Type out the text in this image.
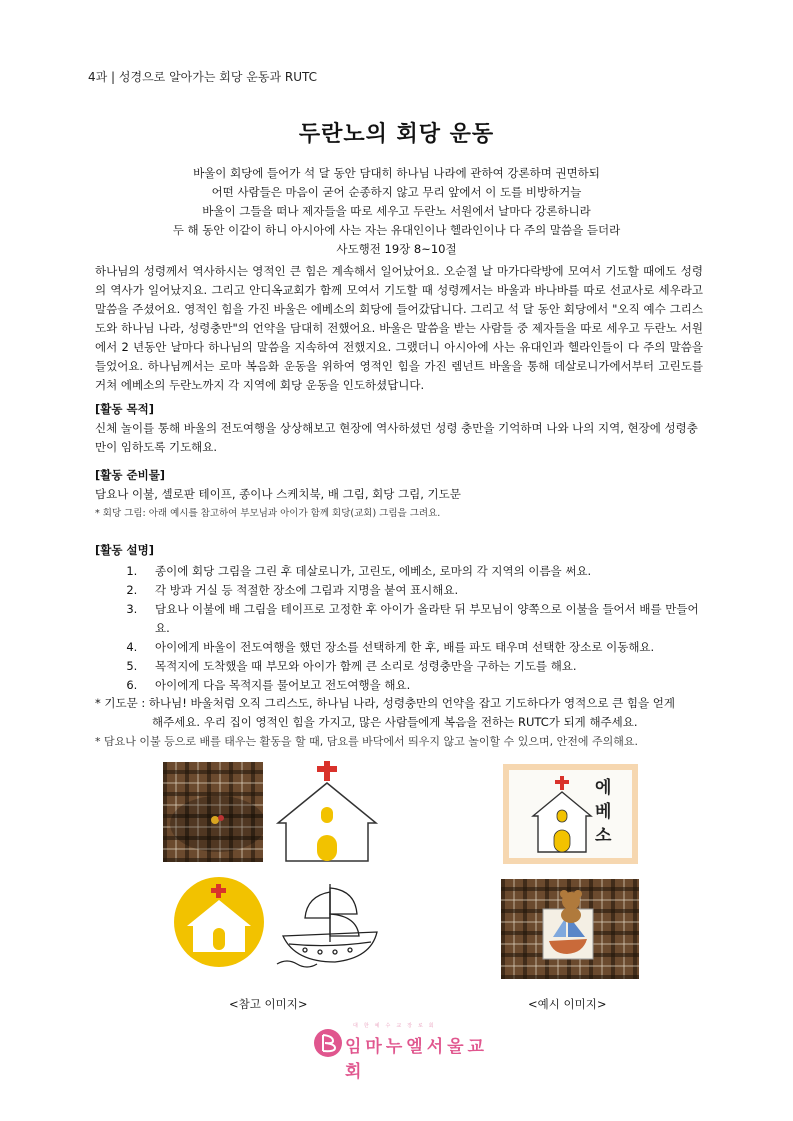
4과 | 성경으로 알아가는 회당 운동과 RUTC
두란노의 회당 운동
바울이 회당에 들어가 석 달 동안 담대히 하나님 나라에 관하여 강론하며 권면하되
어떤 사람들은 마음이 굳어 순종하지 않고 무리 앞에서 이 도를 비방하거늘
바울이 그들을 떠나 제자들을 따로 세우고 두란노 서원에서 날마다 강론하니라
두 해 동안 이같이 하니 아시아에 사는 자는 유대인이나 헬라인이나 다 주의 말씀을 듣더라
사도행전 19장 8~10절
하나님의 성령께서 역사하시는 영적인 큰 힘은 계속해서 일어났어요. 오순절 날 마가다락방에 모여서 기도할 때에도 성령의 역사가 일어났지요. 그리고 안디옥교회가 함께 모여서 기도할 때 성령께서는 바울과 바나바를 따로 선교사로 세우라고 말씀을 주셨어요. 영적인 힘을 가진 바울은 에베소의 회당에 들어갔답니다. 그리고 석 달 동안 회당에서 "오직 예수 그리스도와 하나님 나라, 성령충만"의 언약을 담대히 전했어요. 바울은 말씀을 받는 사람들 중 제자들을 따로 세우고 두란노 서원에서 2 년동안 날마다 하나님의 말씀을 지속하여 전했지요. 그랬더니 아시아에 사는 유대인과 헬라인들이 다 주의 말씀을 들었어요. 하나님께서는 로마 복음화 운동을 위하여 영적인 힘을 가진 렘넌트 바울을 통해 데살로니가에서부터 고린도를 거쳐 에베소의 두란노까지 각 지역에 회당 운동을 인도하셨답니다.
[활동 목적]
신체 놀이를 통해 바울의 전도여행을 상상해보고 현장에 역사하셨던 성령 충만을 기억하며 나와 나의 지역, 현장에 성령충만이 임하도록 기도해요.
[활동 준비물]
담요나 이불, 셀로판 테이프, 종이나 스케치북, 배 그림, 회당 그림, 기도문
* 회당 그림: 아래 예시를 참고하여 부모님과 아이가 함께 회당(교회) 그림을 그려요.
[활동 설명]
1. 종이에 회당 그림을 그린 후 데살로니가, 고린도, 에베소, 로마의 각 지역의 이름을 써요.
2. 각 방과 거실 등 적절한 장소에 그림과 지명을 붙여 표시해요.
3. 담요나 이불에 배 그림을 테이프로 고정한 후 아이가 올라탄 뒤 부모님이 양쪽으로 이불을 들어서 배를 만들어요.
4. 아이에게 바울이 전도여행을 했던 장소를 선택하게 한 후, 배를 파도 태우며 선택한 장소로 이동해요.
5. 목적지에 도착했을 때 부모와 아이가 함께 큰 소리로 성령충만을 구하는 기도를 해요.
6. 아이에게 다음 목적지를 물어보고 전도여행을 해요.
* 기도문 : 하나님! 바울처럼 오직 그리스도, 하나님 나라, 성령충만의 언약을 잡고 기도하다가 영적으로 큰 힘을 얻게
해주세요. 우리 집이 영적인 힘을 가지고, 많은 사람들에게 복음을 전하는 RUTC가 되게 해주세요.
* 담요나 이불 등으로 배를 태우는 활동을 할 때, 담요를 바닥에서 띄우지 않고 놀이할 수 있으며, 안전에 주의해요.
에
베
소
<참고 이미지>	<예시 이미지>
대한예수교장로회
임마누엘서울교회
